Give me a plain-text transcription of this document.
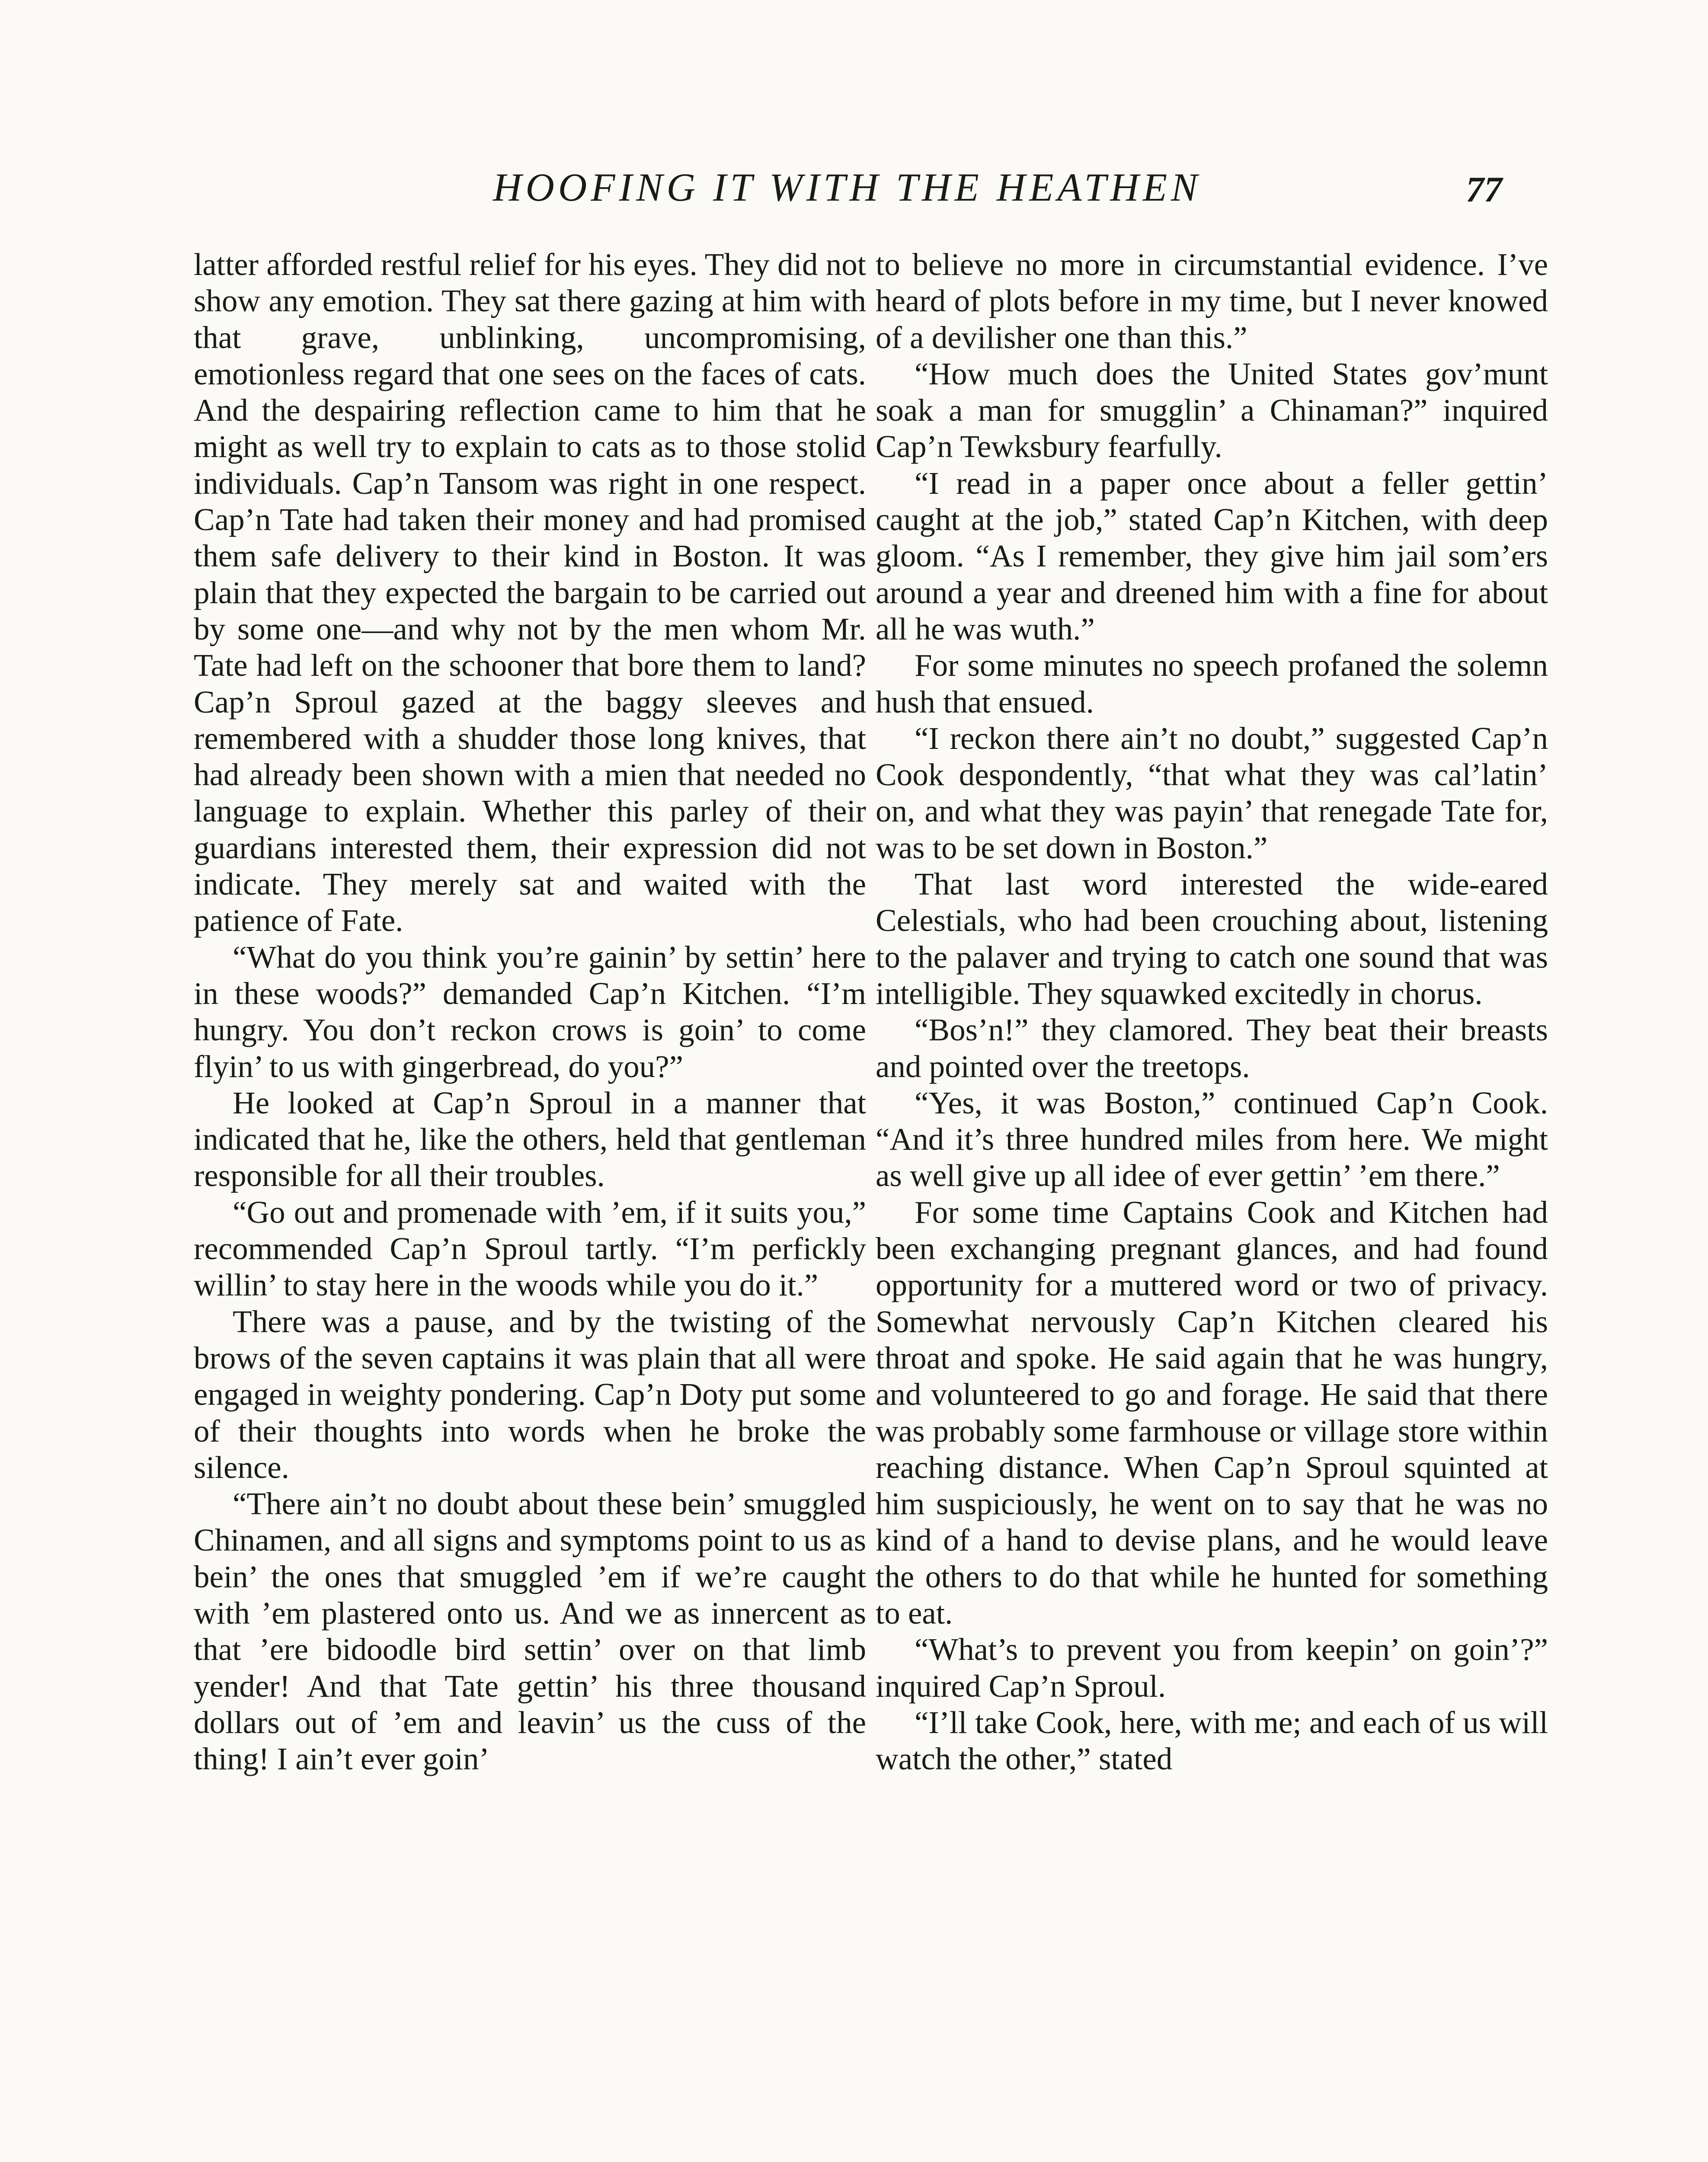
HOOFING IT WITH THE HEATHEN	77

latter afforded restful relief for his eyes. They did not show any emotion. They sat there gazing at him with that grave, unblinking, uncompromising, emotionless regard that one sees on the faces of cats. And the despairing reflection came to him that he might as well try to explain to cats as to those stolid individuals. Cap’n Tansom was right in one respect. Cap’n Tate had taken their money and had promised them safe delivery to their kind in Boston. It was plain that they expected the bargain to be carried out by some one—and why not by the men whom Mr. Tate had left on the schooner that bore them to land? Cap’n Sproul gazed at the baggy sleeves and remembered with a shudder those long knives, that had already been shown with a mien that needed no language to explain. Whether this parley of their guardians interested them, their expression did not indicate. They merely sat and waited with the patience of Fate.

“What do you think you’re gainin’ by settin’ here in these woods?” demanded Cap’n Kitchen. “I’m hungry. You don’t reckon crows is goin’ to come flyin’ to us with gingerbread, do you?”

He looked at Cap’n Sproul in a manner that indicated that he, like the others, held that gentleman responsible for all their troubles.

“Go out and promenade with ’em, if it suits you,” recommended Cap’n Sproul tartly. “I’m perfickly willin’ to stay here in the woods while you do it.”

There was a pause, and by the twisting of the brows of the seven captains it was plain that all were engaged in weighty pondering. Cap’n Doty put some of their thoughts into words when he broke the silence.

“There ain’t no doubt about these bein’ smuggled Chinamen, and all signs and symptoms point to us as bein’ the ones that smuggled ’em if we’re caught with ’em plastered onto us. And we as innercent as that ’ere bidoodle bird settin’ over on that limb yender! And that Tate gettin’ his three thousand dollars out of ’em and leavin’ us the cuss of the thing! I ain’t ever goin’

to believe no more in circumstantial evidence. I’ve heard of plots before in my time, but I never knowed of a devilisher one than this.”

“How much does the United States gov’munt soak a man for smugglin’ a Chinaman?” inquired Cap’n Tewksbury fearfully.

“I read in a paper once about a feller gettin’ caught at the job,” stated Cap’n Kitchen, with deep gloom. “As I remember, they give him jail som’ers around a year and dreened him with a fine for about all he was wuth.”

For some minutes no speech profaned the solemn hush that ensued.

“I reckon there ain’t no doubt,” suggested Cap’n Cook despondently, “that what they was cal’latin’ on, and what they was payin’ that renegade Tate for, was to be set down in Boston.”

That last word interested the wide-eared Celestials, who had been crouching about, listening to the palaver and trying to catch one sound that was intelligible. They squawked excitedly in chorus.

“Bos’n!” they clamored. They beat their breasts and pointed over the treetops.

“Yes, it was Boston,” continued Cap’n Cook. “And it’s three hundred miles from here. We might as well give up all idee of ever gettin’ ’em there.”

For some time Captains Cook and Kitchen had been exchanging pregnant glances, and had found opportunity for a muttered word or two of privacy. Somewhat nervously Cap’n Kitchen cleared his throat and spoke. He said again that he was hungry, and volunteered to go and forage. He said that there was probably some farmhouse or village store within reaching distance. When Cap’n Sproul squinted at him suspiciously, he went on to say that he was no kind of a hand to devise plans, and he would leave the others to do that while he hunted for something to eat.

“What’s to prevent you from keepin’ on goin’?” inquired Cap’n Sproul.

“I’ll take Cook, here, with me; and each of us will watch the other,” stated
